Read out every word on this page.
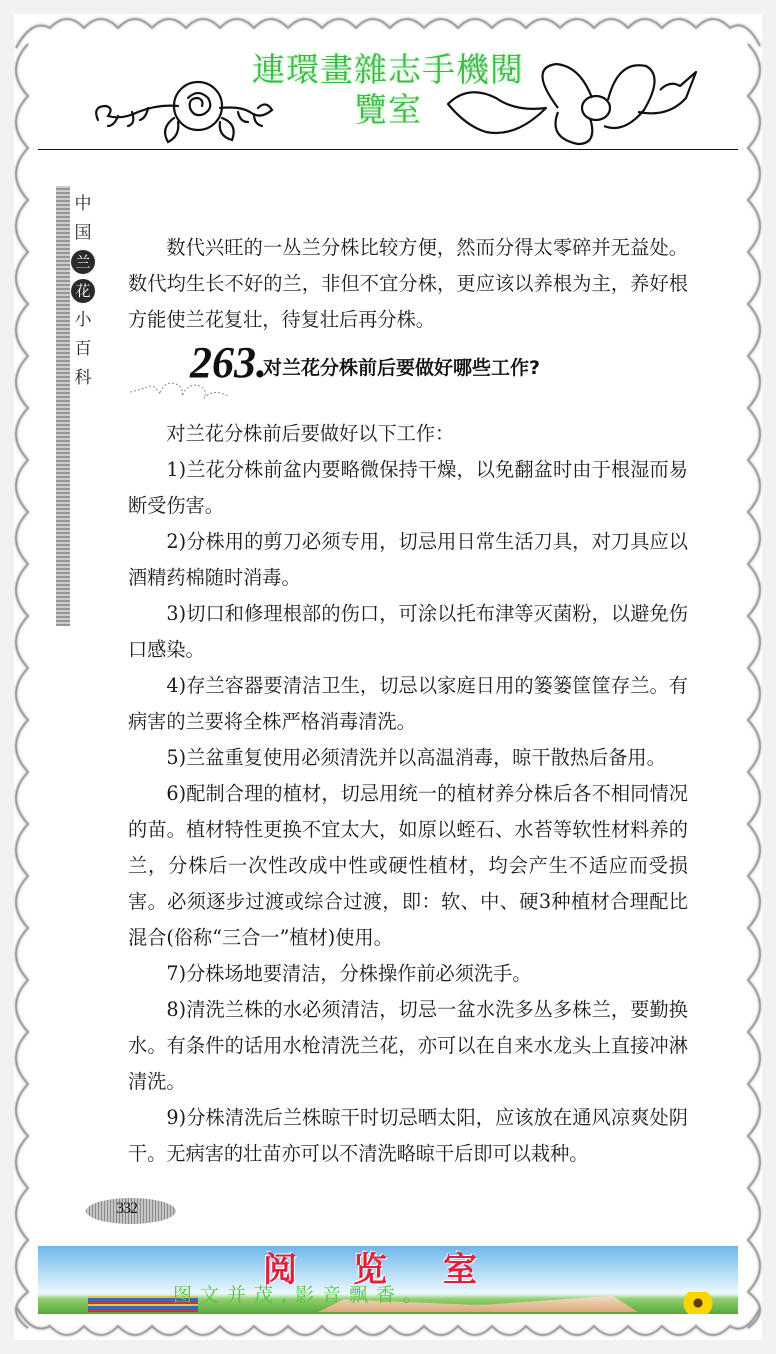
連環畫雜志手機閱
覽室
中
国
兰
花
小
百
科

数代兴旺的一丛兰分株比较方便，然而分得太零碎并无益处。数代均生长不好的兰，非但不宜分株，更应该以养根为主，养好根方能使兰花复壮，待复壮后再分株。

263.
对兰花分株前后要做好哪些工作?

对兰花分株前后要做好以下工作：

1)兰花分株前盆内要略微保持干燥，以免翻盆时由于根湿而易断受伤害。

2)分株用的剪刀必须专用，切忌用日常生活刀具，对刀具应以酒精药棉随时消毒。

3)切口和修理根部的伤口，可涂以托布津等灭菌粉，以避免伤口感染。

4)存兰容器要清洁卫生，切忌以家庭日用的篓篓筐筐存兰。有病害的兰要将全株严格消毒清洗。

5)兰盆重复使用必须清洗并以高温消毒，晾干散热后备用。

6)配制合理的植材，切忌用统一的植材养分株后各不相同情况的苗。植材特性更换不宜太大，如原以蛭石、水苔等软性材料养的兰，分株后一次性改成中性或硬性植材，均会产生不适应而受损害。必须逐步过渡或综合过渡，即：软、中、硬3种植材合理配比混合(俗称“三合一”植材)使用。

7)分株场地要清洁，分株操作前必须洗手。

8)清洗兰株的水必须清洁，切忌一盆水洗多丛多株兰，要勤换水。有条件的话用水枪清洗兰花，亦可以在自来水龙头上直接冲淋清洗。

9)分株清洗后兰株晾干时切忌晒太阳，应该放在通风凉爽处阴干。无病害的壮苗亦可以不清洗略晾干后即可以栽种。

332
阅览室
图文并茂,影音飘香。
